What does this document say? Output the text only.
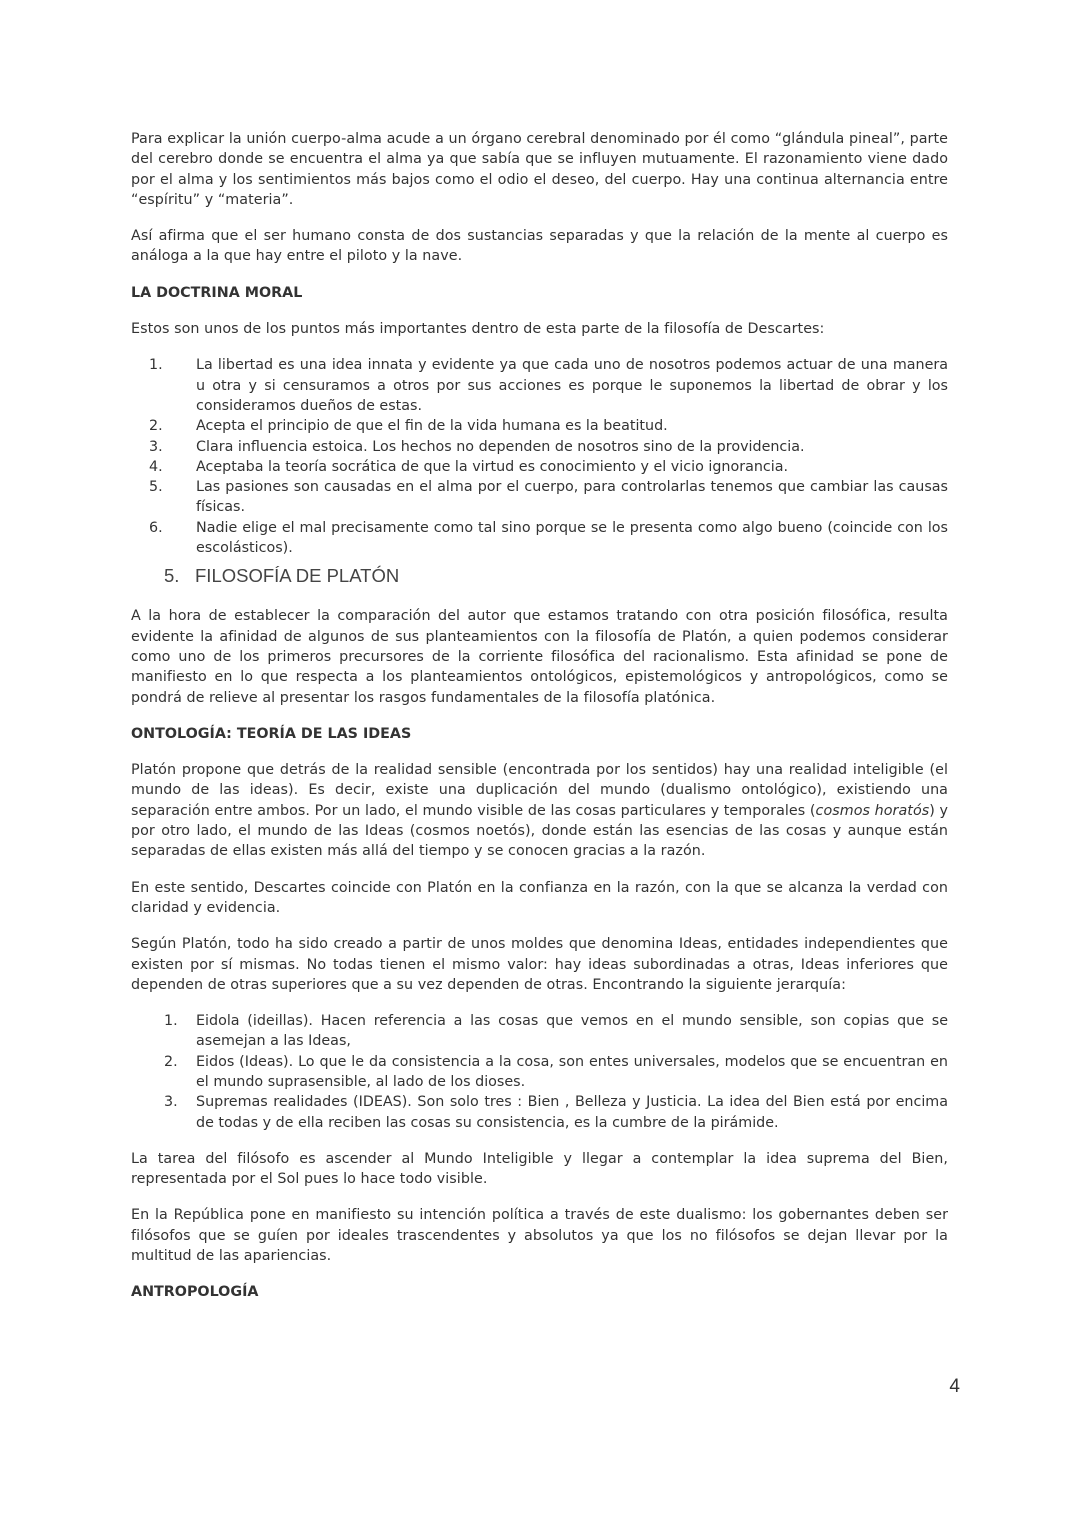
Para explicar la unión cuerpo-alma acude a un órgano cerebral denominado por él como “glándula pineal”, parte del cerebro donde se encuentra el alma ya que sabía que se influyen mutuamente. El razonamiento viene dado por el alma y los sentimientos más bajos como el odio el deseo, del cuerpo. Hay una continua alternancia entre “espíritu” y “materia”.

Así afirma que el ser humano consta de dos sustancias separadas y que la relación de la mente al cuerpo es análoga a la que hay entre el piloto y la nave.

LA DOCTRINA MORAL

Estos son unos de los puntos más importantes dentro de esta parte de la filosofía de Descartes:

1. La libertad es una idea innata y evidente ya que cada uno de nosotros podemos actuar de una manera u otra y si censuramos a otros por sus acciones es porque le suponemos la libertad de obrar y los consideramos dueños de estas.
2. Acepta el principio de que el fin de la vida humana es la beatitud.
3. Clara influencia estoica. Los hechos no dependen de nosotros sino de la providencia.
4. Aceptaba la teoría socrática de que la virtud es conocimiento y el vicio ignorancia.
5. Las pasiones son causadas en el alma por el cuerpo, para controlarlas tenemos que cambiar las causas físicas.
6. Nadie elige el mal precisamente como tal sino porque se le presenta como algo bueno (coincide con los escolásticos).
5. FILOSOFÍA DE PLATÓN

A la hora de establecer la comparación del autor que estamos tratando con otra posición filosófica, resulta evidente la afinidad de algunos de sus planteamientos con la filosofía de Platón, a quien podemos considerar como uno de los primeros precursores de la corriente filosófica del racionalismo. Esta afinidad se pone de manifiesto en lo que respecta a los planteamientos ontológicos, epistemológicos y antropológicos, como se pondrá de relieve al presentar los rasgos fundamentales de la filosofía platónica.

ONTOLOGÍA: TEORÍA DE LAS IDEAS

Platón propone que detrás de la realidad sensible (encontrada por los sentidos) hay una realidad inteligible (el mundo de las ideas). Es decir, existe una duplicación del mundo (dualismo ontológico), existiendo una separación entre ambos. Por un lado, el mundo visible de las cosas particulares y temporales (cosmos horatós) y por otro lado, el mundo de las Ideas (cosmos noetós), donde están las esencias de las cosas y aunque están separadas de ellas existen más allá del tiempo y se conocen gracias a la razón.

En este sentido, Descartes coincide con Platón en la confianza en la razón, con la que se alcanza la verdad con claridad y evidencia.

Según Platón, todo ha sido creado a partir de unos moldes que denomina Ideas, entidades independientes que existen por sí mismas. No todas tienen el mismo valor: hay ideas subordinadas a otras, Ideas inferiores que dependen de otras superiores que a su vez dependen de otras. Encontrando la siguiente jerarquía:

1. Eidola (ideillas). Hacen referencia a las cosas que vemos en el mundo sensible, son copias que se asemejan a las Ideas,
2. Eidos (Ideas). Lo que le da consistencia a la cosa, son entes universales, modelos que se encuentran en el mundo suprasensible, al lado de los dioses.
3. Supremas realidades (IDEAS). Son solo tres : Bien , Belleza y Justicia. La idea del Bien está por encima de todas y de ella reciben las cosas su consistencia, es la cumbre de la pirámide.

La tarea del filósofo es ascender al Mundo Inteligible y llegar a contemplar la idea suprema del Bien, representada por el Sol pues lo hace todo visible.

En la República pone en manifiesto su intención política a través de este dualismo: los gobernantes deben ser filósofos que se guíen por ideales trascendentes y absolutos ya que los no filósofos se dejan llevar por la multitud de las apariencias.

ANTROPOLOGÍA
4
